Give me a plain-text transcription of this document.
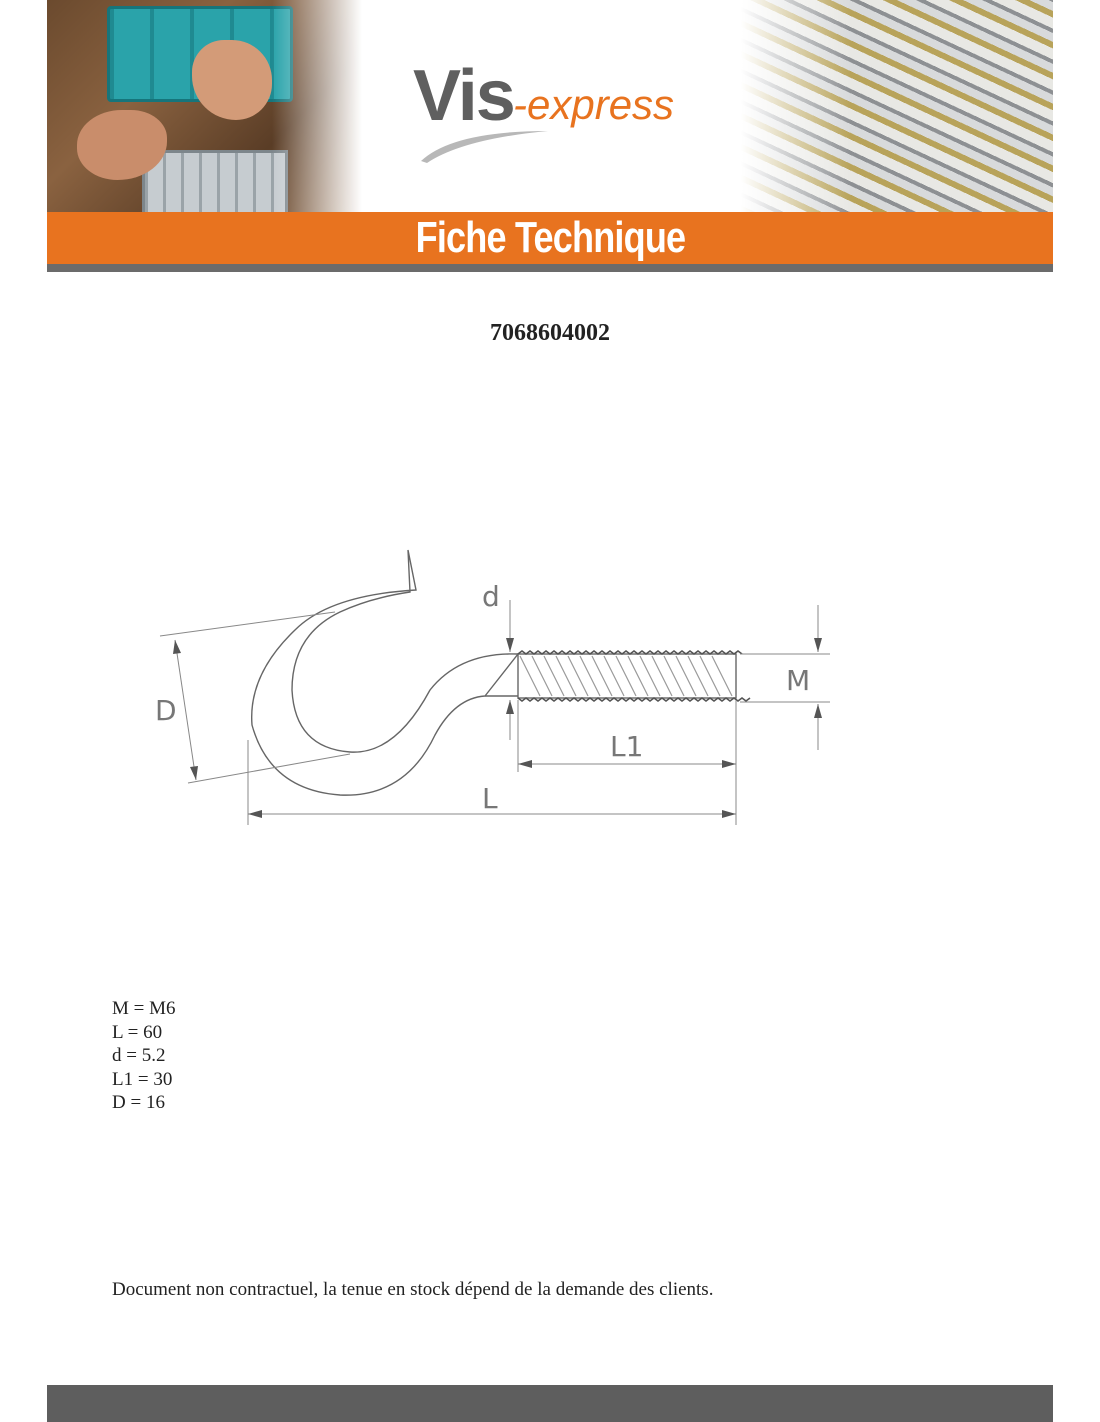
Vis -express
Fiche Technique
7068604002
d
M
D
L1
L
M = M6
L = 60
d = 5.2
L1 = 30
D = 16
Document non contractuel, la tenue en stock dépend de la demande des clients.
